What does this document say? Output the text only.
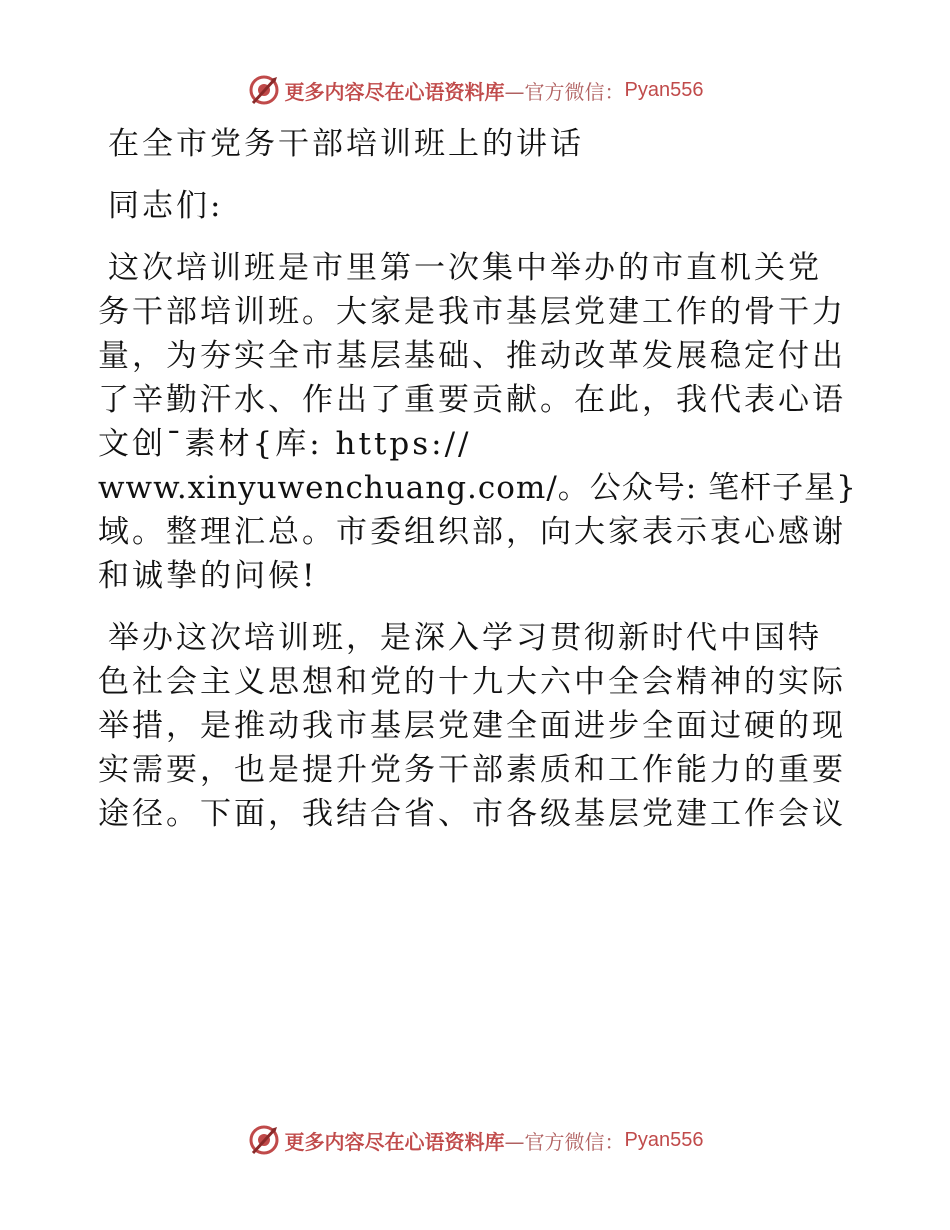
更多内容尽在心语资料库 —官方微信： Pyan556
在全市党务干部培训班上的讲话
同志们:
这次培训班是市里第一次集中举办的市直机关党
务干部培训班。大家是我市基层党建工作的骨干力
量，为夯实全市基层基础、推动改革发展稳定付出
了辛勤汗水、作出了重要贡献。在此，我代表心语
文创¯素材{库: https://
www.xinyuwenchuang.com/。公众号: 笔杆子星}
域。整理汇总。市委组织部，向大家表示衷心感谢
和诚挚的问候!
举办这次培训班，是深入学习贯彻新时代中国特
色社会主义思想和党的十九大六中全会精神的实际
举措，是推动我市基层党建全面进步全面过硬的现
实需要，也是提升党务干部素质和工作能力的重要
途径。下面，我结合省、市各级基层党建工作会议
更多内容尽在心语资料库 —官方微信： Pyan556
